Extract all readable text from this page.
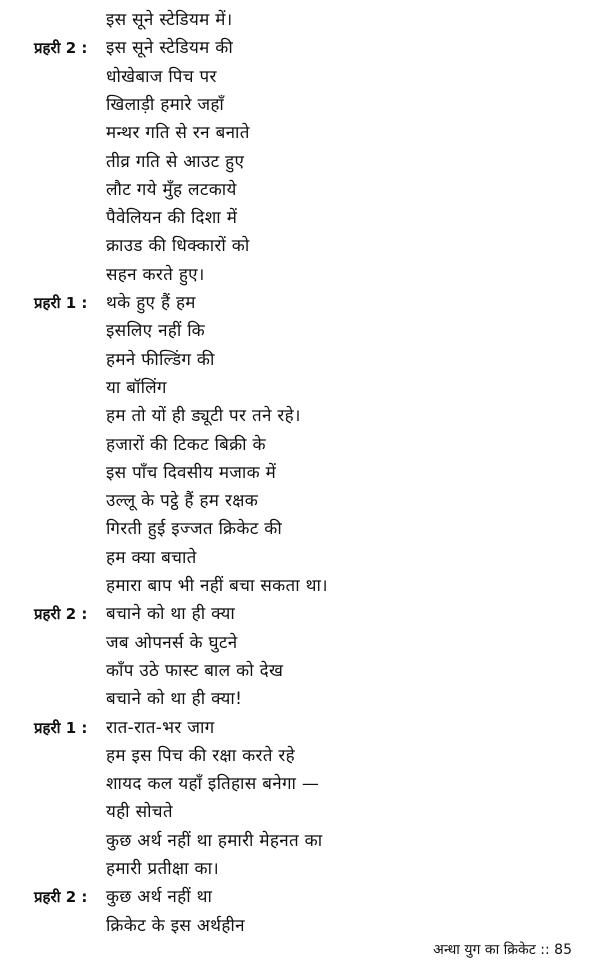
इस सूने स्टेडियम में।
प्रहरी 2 :	इस सूने स्टेडियम की
धोखेबाज पिच पर
खिलाड़ी हमारे जहाँ
मन्थर गति से रन बनाते
तीव्र गति से आउट हुए
लौट गये मुँह लटकाये
पैवेलियन की दिशा में
क्राउड की धिक्कारों को
सहन करते हुए।
प्रहरी 1 :	थके हुए हैं हम
इसलिए नहीं कि
हमने फील्डिंग की
या बॉलिंग
हम तो यों ही ड्यूटी पर तने रहे।
हजारों की टिकट बिक्री के
इस पाँच दिवसीय मजाक में
उल्लू के पट्ठे हैं हम रक्षक
गिरती हुई इज्जत क्रिकेट की
हम क्या बचाते
हमारा बाप भी नहीं बचा सकता था।
प्रहरी 2 :	बचाने को था ही क्या
जब ओपनर्स के घुटने
काँप उठे फास्ट बाल को देख
बचाने को था ही क्या!
प्रहरी 1 :	रात-रात-भर जाग
हम इस पिच की रक्षा करते रहे
शायद कल यहाँ इतिहास बनेगा —
यही सोचते
कुछ अर्थ नहीं था हमारी मेहनत का
हमारी प्रतीक्षा का।
प्रहरी 2 :	कुछ अर्थ नहीं था
क्रिकेट के इस अर्थहीन
अन्धा युग का क्रिकेट :: 85
